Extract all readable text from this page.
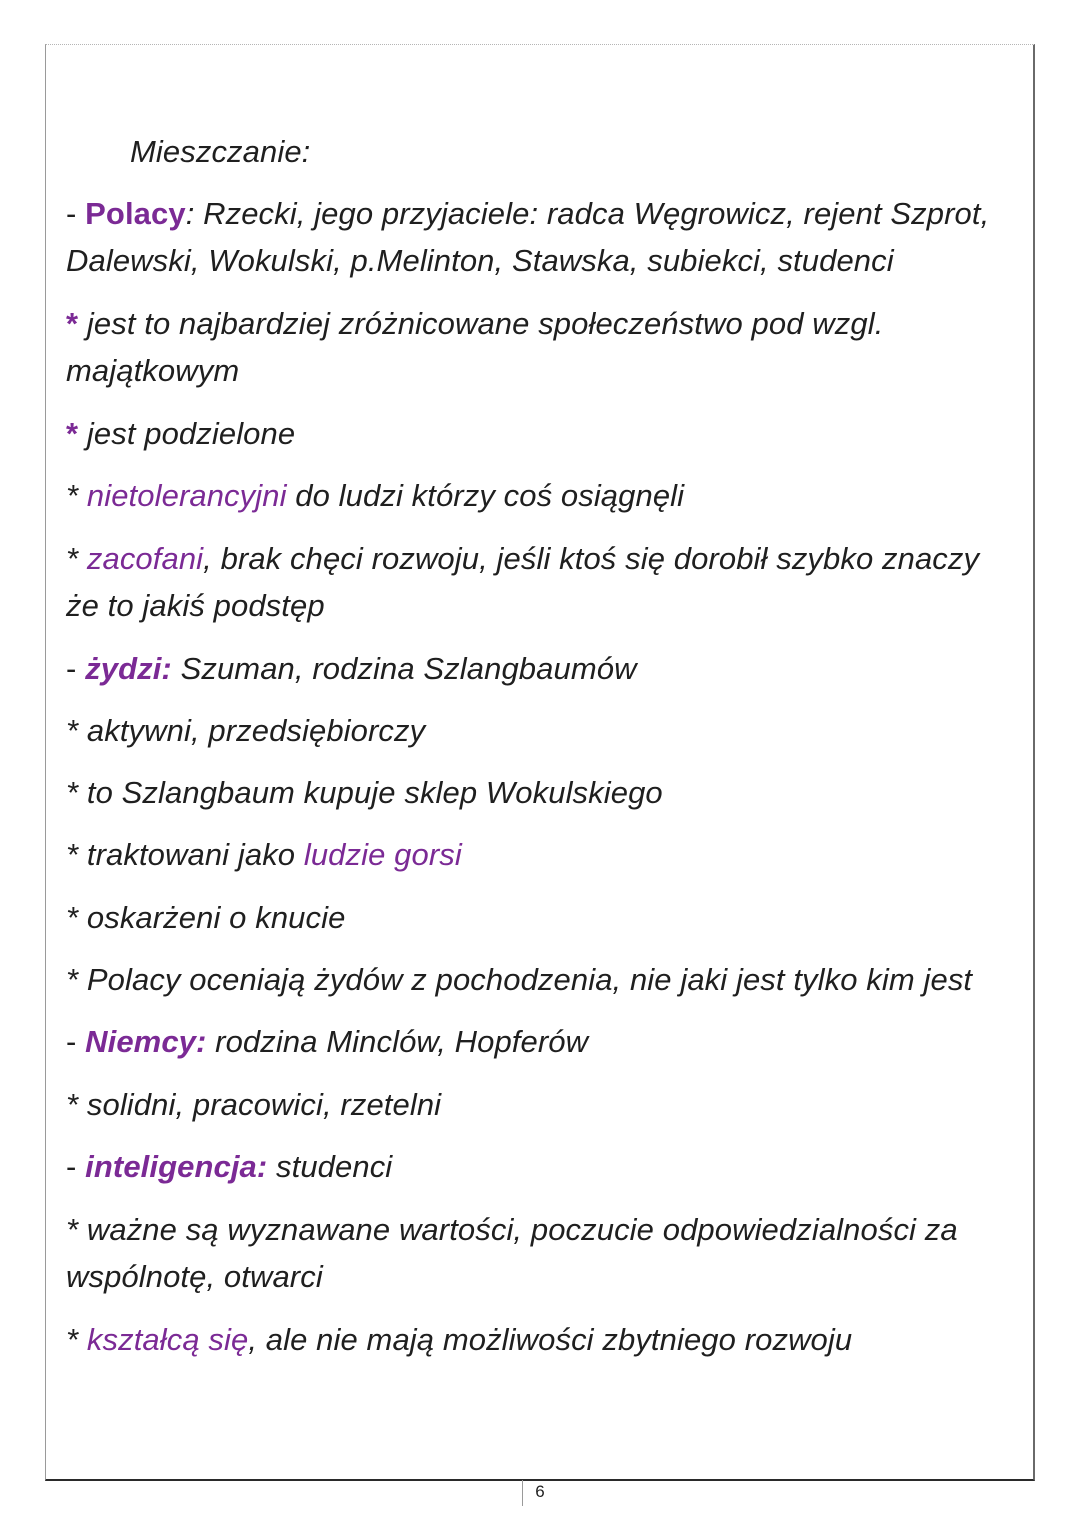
Mieszczanie:
- Polacy: Rzecki, jego przyjaciele: radca Węgrowicz, rejent Szprot,
Dalewski, Wokulski, p.Melinton, Stawska, subiekci, studenci
* jest to najbardziej zróżnicowane społeczeństwo pod wzgl.
majątkowym
* jest podzielone
* nietolerancyjni do ludzi którzy coś osiągnęli
* zacofani, brak chęci rozwoju, jeśli ktoś się dorobił szybko znaczy
że to jakiś podstęp
- żydzi: Szuman, rodzina Szlangbaumów
* aktywni, przedsiębiorczy
* to Szlangbaum kupuje sklep Wokulskiego
* traktowani jako ludzie gorsi
* oskarżeni o knucie
* Polacy oceniają żydów z pochodzenia, nie jaki jest tylko kim jest
- Niemcy: rodzina Minclów, Hopferów
* solidni, pracowici, rzetelni
- inteligencja: studenci
* ważne są wyznawane wartości, poczucie odpowiedzialności za
wspólnotę, otwarci
* kształcą się, ale nie mają możliwości zbytniego rozwoju
6
